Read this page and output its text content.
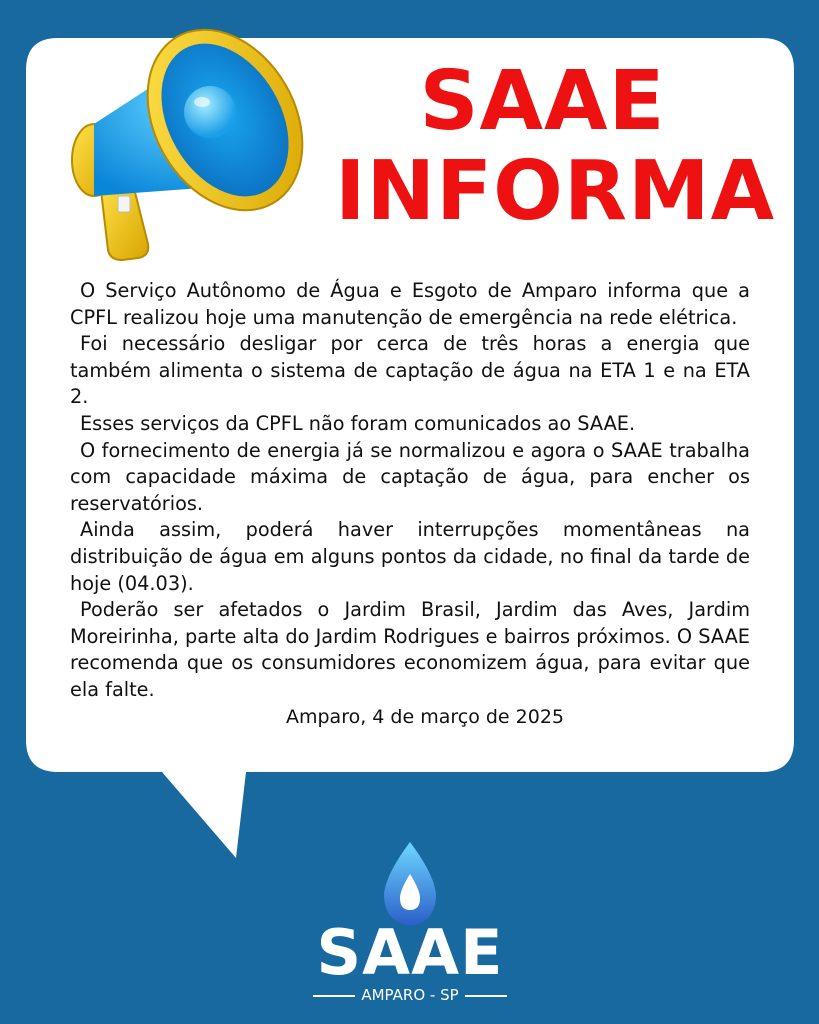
SAAE
INFORMA

O Serviço Autônomo de Água e Esgoto de Amparo informa que a CPFL realizou hoje uma manutenção de emergência na rede elétrica.

Foi necessário desligar por cerca de três horas a energia que também alimenta o sistema de captação de água na ETA 1 e na ETA 2.

Esses serviços da CPFL não foram comunicados ao SAAE.

O fornecimento de energia já se normalizou e agora o SAAE trabalha com capacidade máxima de captação de água, para encher os reservatórios.

Ainda assim, poderá haver interrupções momentâneas na distribuição de água em alguns pontos da cidade, no final da tarde de hoje (04.03).

Poderão ser afetados o Jardim Brasil, Jardim das Aves, Jardim Moreirinha, parte alta do Jardim Rodrigues e bairros próximos. O SAAE recomenda que os consumidores economizem água, para evitar que ela falte.

Amparo, 4 de março de 2025
SAAE
AMPARO - SP
